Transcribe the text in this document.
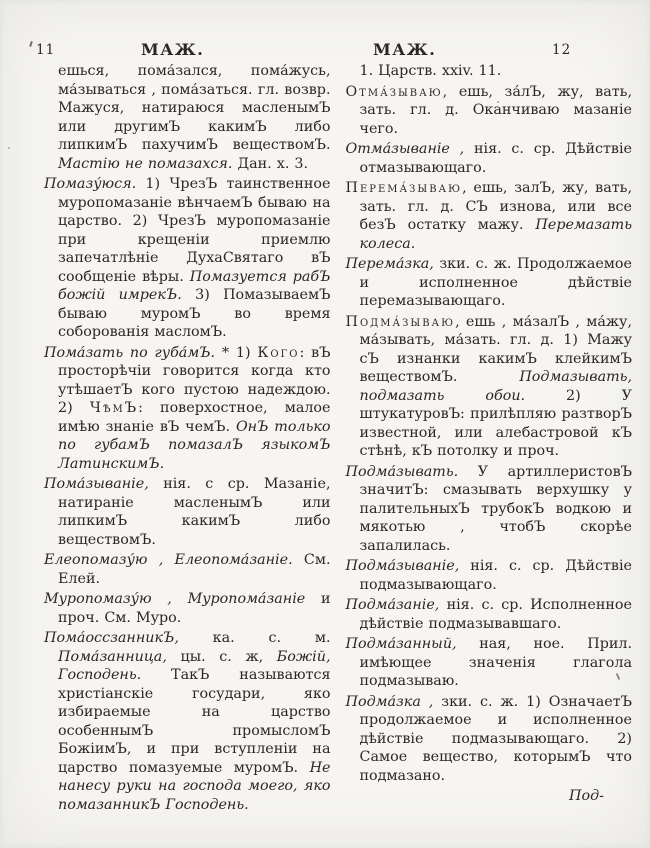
11	МАЖ.	МАЖ.	12

ешься, пома́зался, пома́жусь, ма́зываться , пома́заться. гл. возвр. Мажуся, натираюся масленымЪ или другимЪ какимЪ либо липкимЪ пахучимЪ веществомЪ. Мастію не помазахся. Дан. х. 3.

Помазу́юся. 1) ЧрезЪ таинственное муропомазаніе вѣнчаемЪ бываю на царство. 2) ЧрезЪ муропомазаніе при крещеніи приемлю запечатлѣніе ДухаСвятаго вЪ сообщеніе вѣры. Помазуется рабЪ божій имрекЪ. 3) ПомазываемЪ бываю муромЪ во время соборованія масломЪ.

Пома́зать по губа́мЪ. * 1) Кого: вЪ просторѣчіи говорится когда кто утѣшаетЪ кого пустою надеждою. 2) ЧѣмЪ: поверхостное, малое имѣю знаніе вЪ чемЪ. ОнЪ только по губамЪ помазалЪ языкомЪ ЛатинскимЪ.

Пома́зываніе, нія. с ср. Мазаніе, натираніе масленымЪ или липкимЪ какимЪ либо веществомЪ.

Елеопомазу́ю , Елеопома́заніе. См. Елей.

Муропомазу́ю , Муропома́заніе и проч. См. Муро.

Пома́occзанникЪ, ка. с. м. Пома́занница, цы. с. ж, Божій, Господень. ТакЪ называются христіанскіе государи, яко избираемые на царство особеннымЪ промысломЪ БожіимЪ, и при вступленіи на царство помазуемые муромЪ. Не нанесу руки на господа моего, яко помазанникЪ Господень.

1. Царств. xxiv. 11.

Отма́зываю, ешь, за́лЪ, жу, вать, зать. гл. д. Оканчиваю мазаніе чего.

Отма́зываніе , нія. с. ср. Дѣйствіе отмазывающаго.

Перема́зываю, ешь, залЪ, жу, вать, зать. гл. д. СЪ изнова, или все безЪ остатку мажу. Перемазать колеса.

Перема́зка, зки. с. ж. Продолжаемое и исполненное дѣйствіе перемазывающаго.

Подма́зываю, ешь , ма́залЪ , ма́жу, ма́зывать, ма́зать. гл. д. 1) Мажу сЪ изнанки какимЪ клейкимЪ веществомЪ. Подмазывать, подмазать обои. 2) У штукатуровЪ: прилѣпляю разтворЪ известной, или алебастровой кЪ стѣнѣ, кЪ потолку и проч.

Подма́зывать. У артиллеристовЪ значитЪ: смазывать верхушку у палительныхЪ трубокЪ водкою и мякотью , чтобЪ скорѣе запалилась.

Подма́зываніе, нія. с. ср. Дѣйствіе подмазывающаго.

Подма́заніе, нія. с. ср. Исполненное дѣйствіе подмазывавшаго.

Подма́занный, ная, ное. Прил. имѣющее значенія глагола подмазываю.

Подма́зка , зки. с. ж. 1) ОзначаетЪ продолжаемое и исполненное дѣйствіе подмазывающаго. 2) Самое вещество, которымЪ что подмазано.

Под-
